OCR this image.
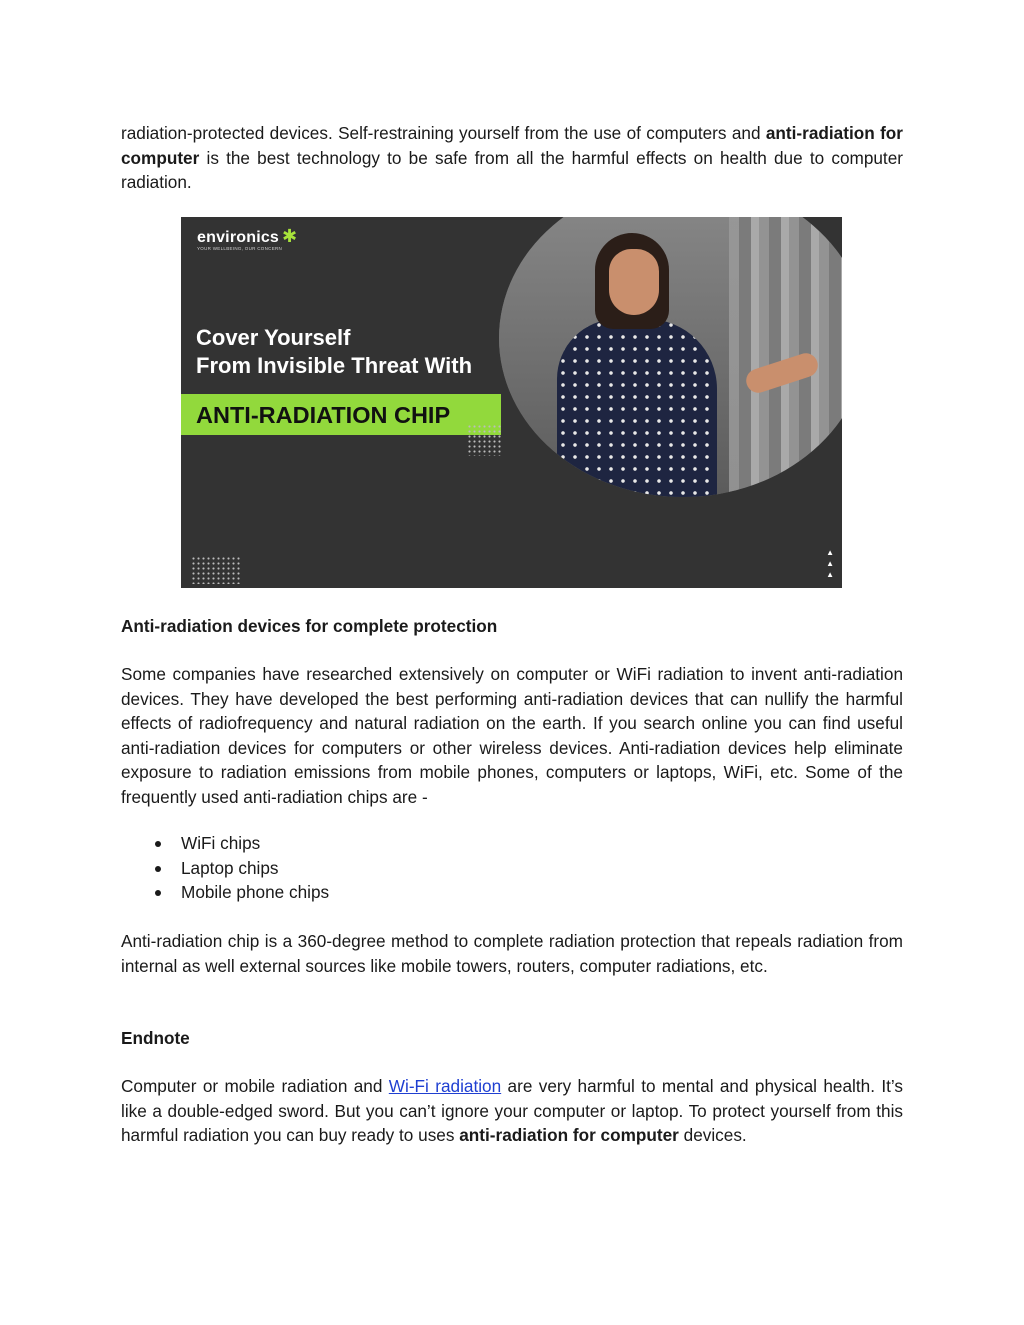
radiation-protected devices. Self-restraining yourself from the use of computers and anti-radiation for computer is the best technology to be safe from all the harmful effects on health due to computer radiation.

environics ✱
YOUR WELLBEING, OUR CONCERN
Cover Yourself
From Invisible Threat With
ANTI-RADIATION CHIP
▲
▲
▲
Anti-radiation devices for complete protection

Some companies have researched extensively on computer or WiFi radiation to invent anti-radiation devices. They have developed the best performing anti-radiation devices that can nullify the harmful effects of radiofrequency and natural radiation on the earth. If you search online you can find useful anti-radiation devices for computers or other wireless devices. Anti-radiation devices help eliminate exposure to radiation emissions from mobile phones, computers or laptops, WiFi, etc. Some of the frequently used anti-radiation chips are -

WiFi chips
Laptop chips
Mobile phone chips

Anti-radiation chip is a 360-degree method to complete radiation protection that repeals radiation from internal as well external sources like mobile towers, routers, computer radiations, etc.

Endnote

Computer or mobile radiation and Wi-Fi radiation are very harmful to mental and physical health. It’s like a double-edged sword. But you can’t ignore your computer or laptop. To protect yourself from this harmful radiation you can buy ready to uses anti-radiation for computer devices.
